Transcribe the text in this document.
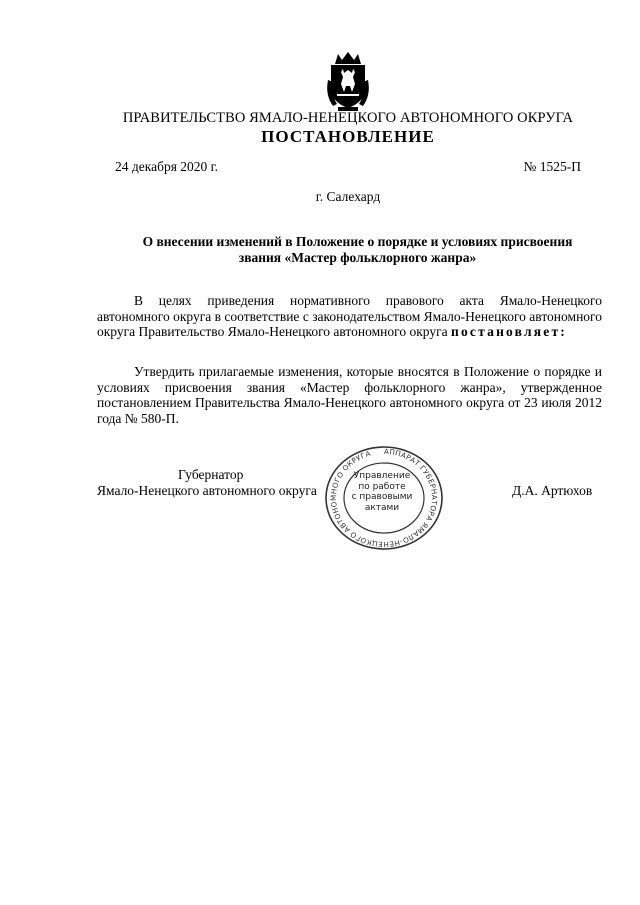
ПРАВИТЕЛЬСТВО ЯМАЛО-НЕНЕЦКОГО АВТОНОМНОГО ОКРУГА
ПОСТАНОВЛЕНИЕ
24 декабря 2020 г.	№ 1525-П
г. Салехард
О внесении изменений в Положение о порядке и условиях присвоения
звания «Мастер фольклорного жанра»
В целях приведения нормативного правового акта Ямало-Ненецкого автономного округа в соответствие с законодательством Ямало-Ненецкого автономного округа Правительство Ямало-Ненецкого автономного округа постановляет:
Утвердить прилагаемые изменения, которые вносятся в Положение о порядке и условиях присвоения звания «Мастер фольклорного жанра», утвержденное постановлением Правительства Ямало-Ненецкого автономного округа от 23 июля 2012 года № 580-П.
Губернатор
Ямало-Ненецкого автономного округа	Д.А. Артюхов
АППАРАТ ГУБЕРНАТОРА ЯМАЛО-НЕНЕЦКОГО АВТОНОМНОГО ОКРУГА
Управление
по работе
с правовыми
актами
